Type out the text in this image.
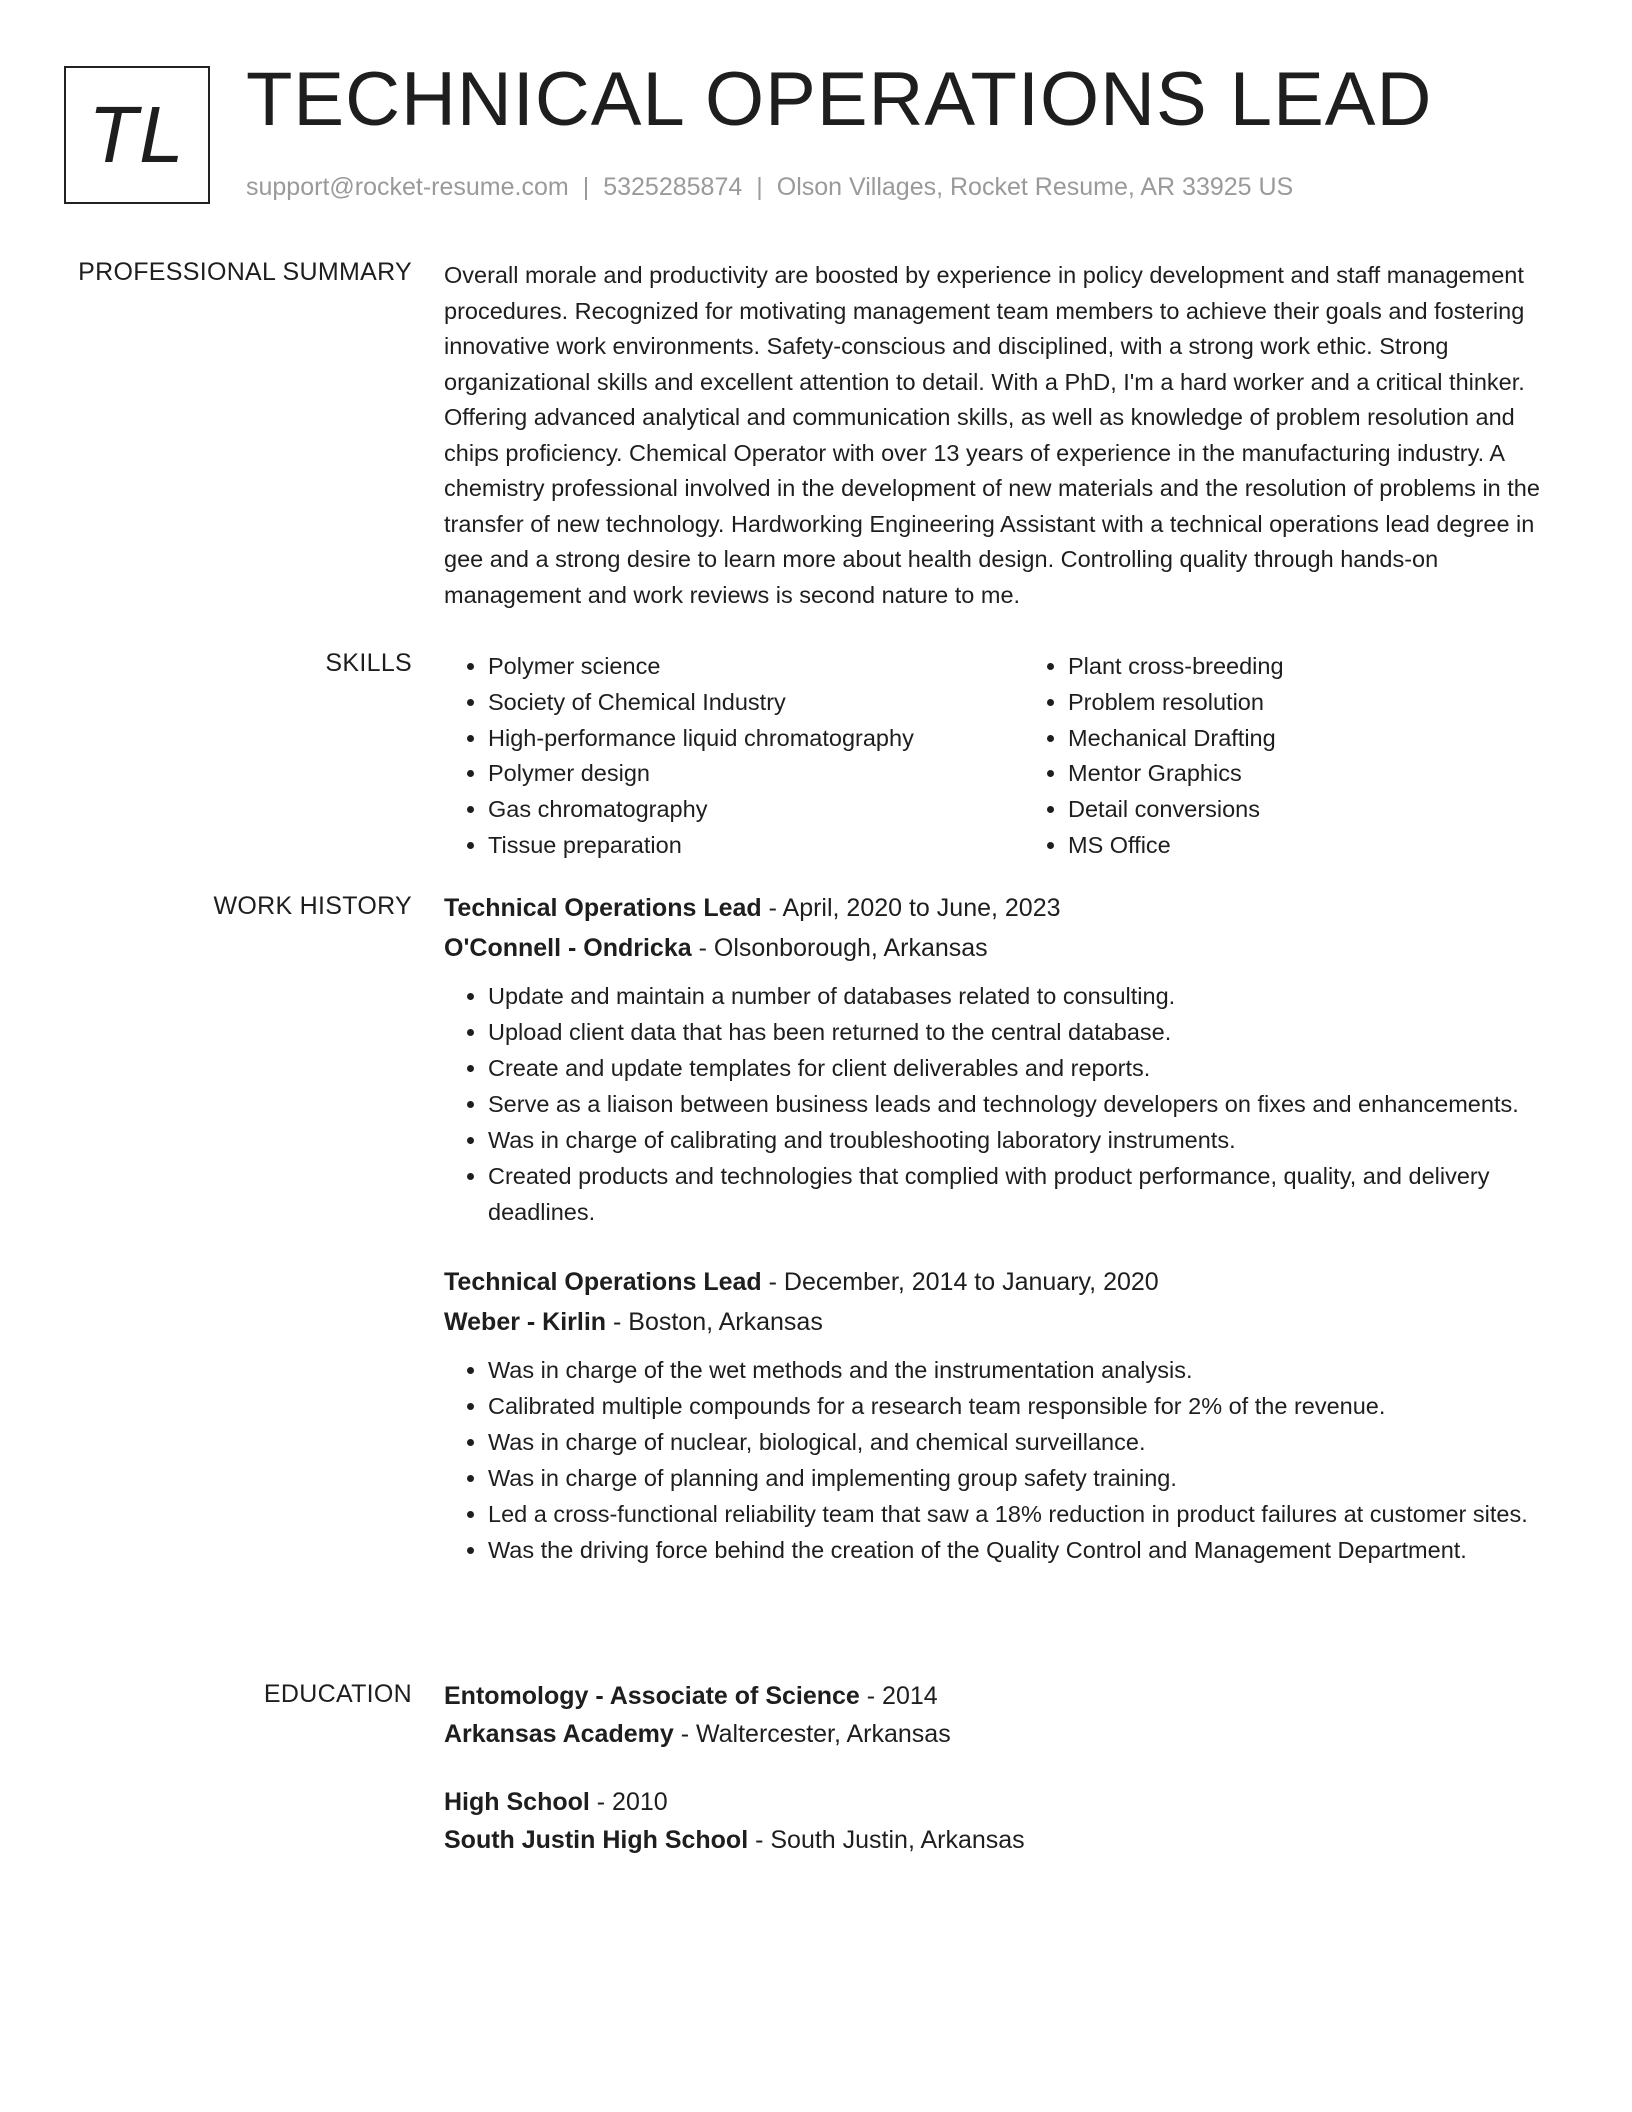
TL TECHNICAL OPERATIONS LEAD
support@rocket-resume.com | 5325285874 | Olson Villages, Rocket Resume, AR 33925 US
PROFESSIONAL SUMMARY Overall morale and productivity are boosted by experience in policy development and staff management procedures. Recognized for motivating management team members to achieve their goals and fostering innovative work environments. Safety-conscious and disciplined, with a strong work ethic. Strong organizational skills and excellent attention to detail. With a PhD, I'm a hard worker and a critical thinker. Offering advanced analytical and communication skills, as well as knowledge of problem resolution and chips proficiency. Chemical Operator with over 13 years of experience in the manufacturing industry. A chemistry professional involved in the development of new materials and the resolution of problems in the transfer of new technology. Hardworking Engineering Assistant with a technical operations lead degree in gee and a strong desire to learn more about health design. Controlling quality through hands-on management and work reviews is second nature to me.

SKILLS
•	Polymer science
• Society of Chemical Industry
• High-performance liquid chromatography
• Polymer design
• Gas chromatography
• Tissue preparation
• Plant cross-breeding
• Problem resolution
• Mechanical Drafting
• Mentor Graphics
• Detail conversions
• MS Office
WORK HISTORY Technical Operations Lead - April, 2020 to June, 2023
O'Connell - Ondricka - Olsonborough, Arkansas
• Update and maintain a number of databases related to consulting.
• Upload client data that has been returned to the central database.
• Create and update templates for client deliverables and reports.
• Serve as a liaison between business leads and technology developers on fixes and enhancements.
• Was in charge of calibrating and troubleshooting laboratory instruments.
• Created products and technologies that complied with product performance, quality, and delivery deadlines.
Technical Operations Lead - December, 2014 to January, 2020
Weber - Kirlin - Boston, Arkansas
• Was in charge of the wet methods and the instrumentation analysis.
• Calibrated multiple compounds for a research team responsible for 2% of the revenue.
• Was in charge of nuclear, biological, and chemical surveillance.
• Was in charge of planning and implementing group safety training.
• Led a cross-functional reliability team that saw a 18% reduction in product failures at customer sites.
• Was the driving force behind the creation of the Quality Control and Management Department.
EDUCATION Entomology - Associate of Science - 2014
Arkansas Academy - Waltercester, Arkansas
High School - 2010
South Justin High School - South Justin, Arkansas
